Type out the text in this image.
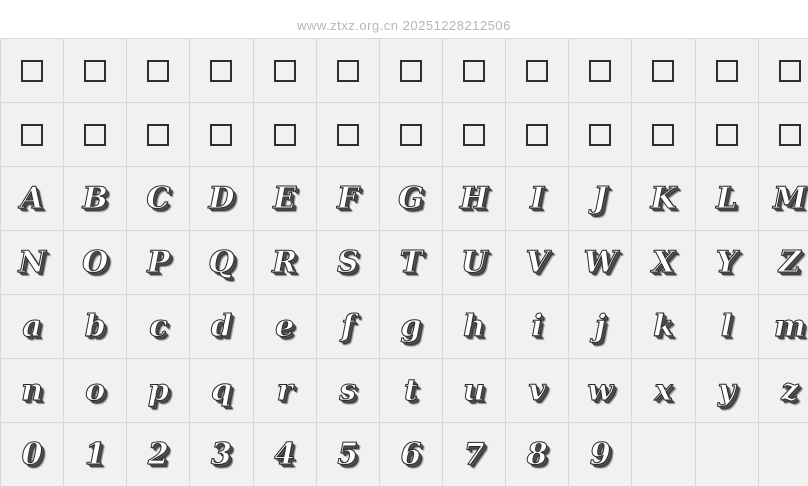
www.ztxz.org.cn 20251228212506
A B C D E F G H I J K L M
N O P Q R S T U V W X Y Z
a b c d e f g h i j k l m
n o p q r s t u v w x y z
0 1 2 3 4 5 6 7 8 9
